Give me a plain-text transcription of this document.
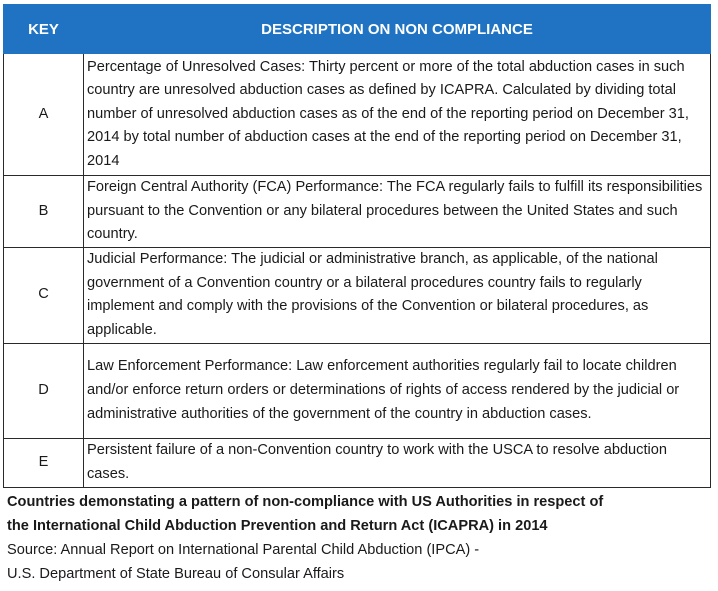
KEY	DESCRIPTION ON NON COMPLIANCE
A	Percentage of Unresolved Cases: Thirty percent or more of the total abduction cases in such country are unresolved abduction cases as defined by ICAPRA. Calculated by dividing total number of unresolved abduction cases as of the end of the reporting period on December 31, 2014 by total number of abduction cases at the end of the reporting period on December 31, 2014
B	Foreign Central Authority (FCA) Performance: The FCA regularly fails to fulfill its responsibilities pursuant to the Convention or any bilateral procedures between the United States and such country.
C	Judicial Performance: The judicial or administrative branch, as applicable, of the national government of a Convention country or a bilateral procedures country fails to regularly implement and comply with the provisions of the Convention or bilateral procedures, as applicable.
D	Law Enforcement Performance: Law enforcement authorities regularly fail to locate children and/or enforce return orders or determinations of rights of access rendered by the judicial or administrative authorities of the government of the country in abduction cases.
E	Persistent failure of a non-Convention country to work with the USCA to resolve abduction cases.
Countries demonstating a pattern of non-compliance with US Authorities in respect of
the International Child Abduction Prevention and Return Act (ICAPRA) in 2014
Source: Annual Report on International Parental Child Abduction (IPCA) -
U.S. Department of State Bureau of Consular Affairs
